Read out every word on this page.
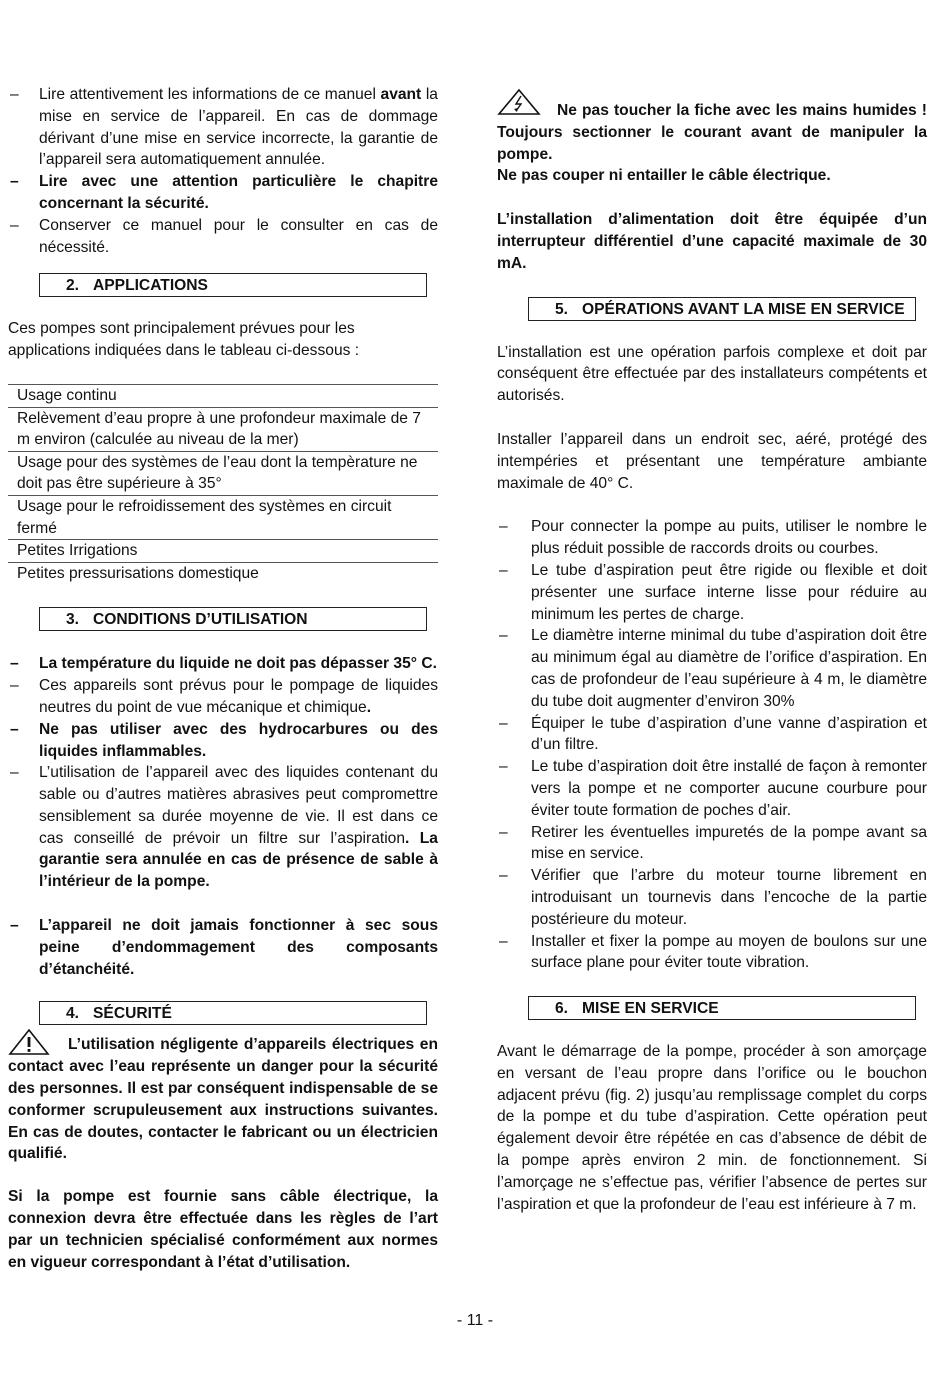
– Lire attentivement les informations de ce manuel avant la mise en service de l’appareil. En cas de dommage dérivant d’une mise en service incorrecte, la garantie de l’appareil sera automatiquement annulée.
– Lire avec une attention particulière le chapitre concernant la sécurité.
– Conserver ce manuel pour le consulter en cas de nécessité.
2. APPLICATIONS

Ces pompes sont principalement prévues pour les applications indiquées dans le tableau ci-dessous :

Usage continu
Relèvement d’eau propre à une profondeur maximale de 7 m environ (calculée au niveau de la mer)
Usage pour des systèmes de l’eau dont la tempèrature ne doit pas être supérieure à 35°
Usage pour le refroidissement des systèmes en circuit fermé
Petites Irrigations
Petites pressurisations domestique
3. CONDITIONS D’UTILISATION
– La température du liquide ne doit pas dépasser 35° C.
– Ces appareils sont prévus pour le pompage de liquides neutres du point de vue mécanique et chimique.
– Ne pas utiliser avec des hydrocarbures ou des liquides inflammables.
– L’utilisation de l’appareil avec des liquides contenant du sable ou d’autres matières abrasives peut compromettre sensiblement sa durée moyenne de vie. Il est dans ce cas conseillé de prévoir un filtre sur l’aspiration. La garantie sera annulée en cas de présence de sable à l’intérieur de la pompe.
– L’appareil ne doit jamais fonctionner à sec sous peine d’endommagement des composants d’étanchéité.
4. SÉCURITÉ

L’utilisation négligente d’appareils électriques en contact avec l’eau représente un danger pour la sécurité des personnes. Il est par conséquent indispensable de se conformer scrupuleusement aux instructions suivantes. En cas de doutes, contacter le fabricant ou un électricien qualifié.

Si la pompe est fournie sans câble électrique, la connexion devra être effectuée dans les règles de l’art par un technicien spécialisé conformément aux normes en vigueur correspondant à l’état d’utilisation.

Ne pas toucher la fiche avec les mains humides ! Toujours sectionner le courant avant de manipuler la pompe.

Ne pas couper ni entailler le câble électrique.

L’installation d’alimentation doit être équipée d’un interrupteur différentiel d’une capacité maximale de 30 mA.

5. OPÉRATIONS AVANT LA MISE EN SERVICE

L’installation est une opération parfois complexe et doit par conséquent être effectuée par des installateurs compétents et autorisés.

Installer l’appareil dans un endroit sec, aéré, protégé des intempéries et présentant une température ambiante maximale de 40° C.

– Pour connecter la pompe au puits, utiliser le nombre le plus réduit possible de raccords droits ou courbes.
– Le tube d’aspiration peut être rigide ou flexible et doit présenter une surface interne lisse pour réduire au minimum les pertes de charge.
– Le diamètre interne minimal du tube d’aspiration doit être au minimum égal au diamètre de l’orifice d’aspiration. En cas de profondeur de l’eau supérieure à 4 m, le diamètre du tube doit augmenter d’environ 30%
– Équiper le tube d’aspiration d’une vanne d’aspiration et d’un filtre.
– Le tube d’aspiration doit être installé de façon à remonter vers la pompe et ne comporter aucune courbure pour éviter toute formation de poches d’air.
– Retirer les éventuelles impuretés de la pompe avant sa mise en service.
– Vérifier que l’arbre du moteur tourne librement en introduisant un tournevis dans l’encoche de la partie postérieure du moteur.
– Installer et fixer la pompe au moyen de boulons sur une surface plane pour éviter toute vibration.
6. MISE EN SERVICE

Avant le démarrage de la pompe, procéder à son amorçage en versant de l’eau propre dans l’orifice ou le bouchon adjacent prévu (fig. 2) jusqu’au remplissage complet du corps de la pompe et du tube d’aspiration. Cette opération peut également devoir être répétée en cas d’absence de débit de la pompe après environ 2 min. de fonctionnement. Si l’amorçage ne s’effectue pas, vérifier l’absence de pertes sur l’aspiration et que la profondeur de l’eau est inférieure à 7 m.

- 11 -
